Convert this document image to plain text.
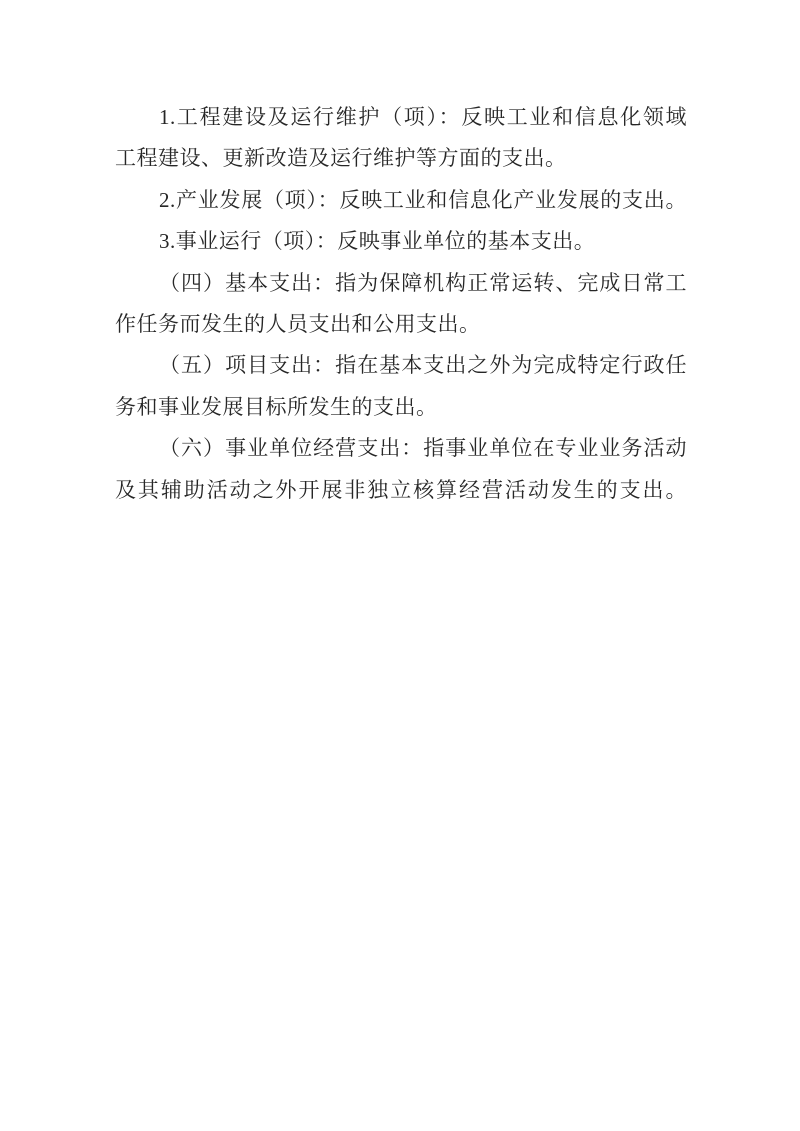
1.工程建设及运行维护（项）：反映工业和信息化领域
工程建设、更新改造及运行维护等方面的支出。
2.产业发展（项）：反映工业和信息化产业发展的支出。
3.事业运行（项）：反映事业单位的基本支出。
（四）基本支出：指为保障机构正常运转、完成日常工
作任务而发生的人员支出和公用支出。
（五）项目支出：指在基本支出之外为完成特定行政任
务和事业发展目标所发生的支出。
（六）事业单位经营支出：指事业单位在专业业务活动
及其辅助活动之外开展非独立核算经营活动发生的支出。
